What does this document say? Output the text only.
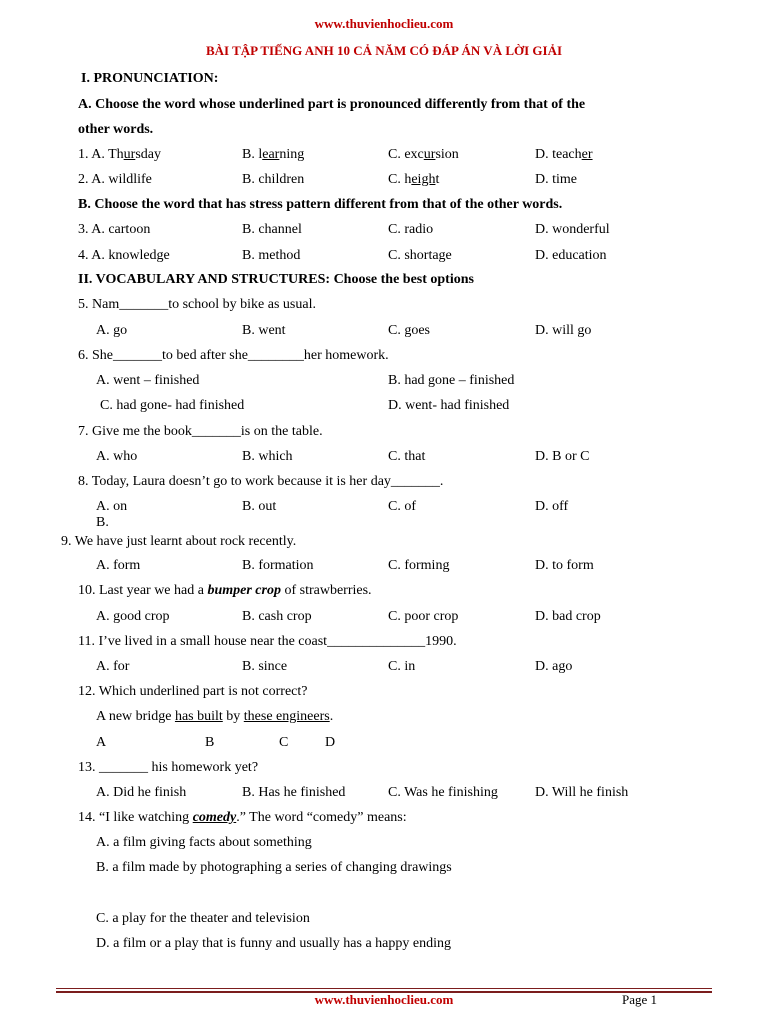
www.thuvienhoclieu.com
BÀI TẬP TIẾNG ANH 10 CẢ NĂM CÓ ĐÁP ÁN VÀ LỜI GIẢI
I. PRONUNCIATION:
A. Choose the word whose underlined part is pronounced differently from that of the
other words.
1. A. Thursday	B. learning	C. excursion	D. teacher
2. A. wildlife	B. children	C. height	D. time
B. Choose the word that has stress pattern different from that of the other words.
3. A. cartoon	B. channel	C. radio	D. wonderful
4. A. knowledge	B. method	C. shortage	D. education
II. VOCABULARY AND STRUCTURES: Choose the best options
5. Nam_______to school by bike as usual.
A. go	B. went	C. goes	D. will go
6. She_______to bed after she________her homework.
A. went – finished	B. had gone – finished
C. had gone- had finished	D. went- had finished
7. Give me the book_______is on the table.
A. who	B. which	C. that	D. B or C
8. Today, Laura doesn’t go to work because it is her day_______.
A. on	B. out	C. of	D. off
B.
9. We have just learnt about rock recently.
A. form	B. formation	C. forming	D. to form
10. Last year we had a bumper crop of strawberries.
A. good crop	B. cash crop	C. poor crop	D. bad crop
11. I’ve lived in a small house near the coast______________1990.
A. for	B. since	C. in	D. ago
12. Which underlined part is not correct?
A new bridge has built by these engineers.
A	B	C	D
13. _______ his homework yet?
A. Did he finish	B. Has he finished	C. Was he finishing	D. Will he finish
14. “I like watching comedy.” The word “comedy” means:
A. a film giving facts about something
B. a film made by photographing a series of changing drawings
C. a play for the theater and television
D. a film or a play that is funny and usually has a happy ending
www.thuvienhoclieu.com	Page 1
